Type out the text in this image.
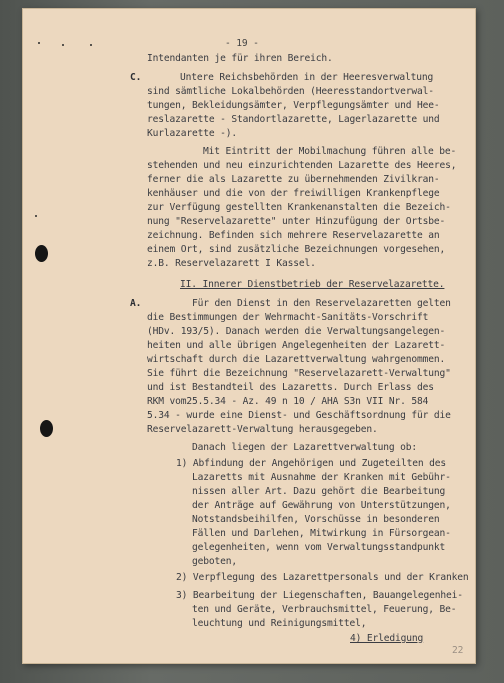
- 19 -
Intendanten je für ihren Bereich.
C.	Untere Reichsbehörden in der Heeresverwaltung
sind sämtliche Lokalbehörden (Heeresstandortverwal-
tungen, Bekleidungsämter, Verpflegungsämter und Hee-
reslazarette - Standortlazarette, Lagerlazarette und
Kurlazarette -).
Mit Eintritt der Mobilmachung führen alle be-
stehenden und neu einzurichtenden Lazarette des Heeres,
ferner die als Lazarette zu übernehmenden Zivilkran-
kenhäuser und die von der freiwilligen Krankenpflege
zur Verfügung gestellten Krankenanstalten die Bezeich-
nung "Reservelazarette" unter Hinzufügung der Ortsbe-
zeichnung. Befinden sich mehrere Reservelazarette an
einem Ort, sind zusätzliche Bezeichnungen vorgesehen,
z.B. Reservelazarett I Kassel.
II. Innerer Dienstbetrieb der Reservelazarette.
A.	Für den Dienst in den Reservelazaretten gelten
die Bestimmungen der Wehrmacht-Sanitäts-Vorschrift
(HDv. 193/5). Danach werden die Verwaltungsangelegen-
heiten und alle übrigen Angelegenheiten der Lazarett-
wirtschaft durch die Lazarettverwaltung wahrgenommen.
Sie führt die Bezeichnung "Reservelazarett-Verwaltung"
und ist Bestandteil des Lazaretts. Durch Erlass des
RKM vom25.5.34 - Az. 49 n 10 / AHA S3n VII Nr. 584
5.34 - wurde eine Dienst- und Geschäftsordnung für die
Reservelazarett-Verwaltung herausgegeben.
Danach liegen der Lazarettverwaltung ob:
1) Abfindung der Angehörigen und Zugeteilten des
Lazaretts mit Ausnahme der Kranken mit Gebühr-
nissen aller Art. Dazu gehört die Bearbeitung
der Anträge auf Gewährung von Unterstützungen,
Notstandsbeihilfen, Vorschüsse in besonderen
Fällen und Darlehen, Mitwirkung in Fürsorgean-
gelegenheiten, wenn vom Verwaltungsstandpunkt
geboten,
2) Verpflegung des Lazarettpersonals und der Kranken
3) Bearbeitung der Liegenschaften, Bauangelegenhei-
ten und Geräte, Verbrauchsmittel, Feuerung, Be-
leuchtung und Reinigungsmittel,
4) Erledigung
22
